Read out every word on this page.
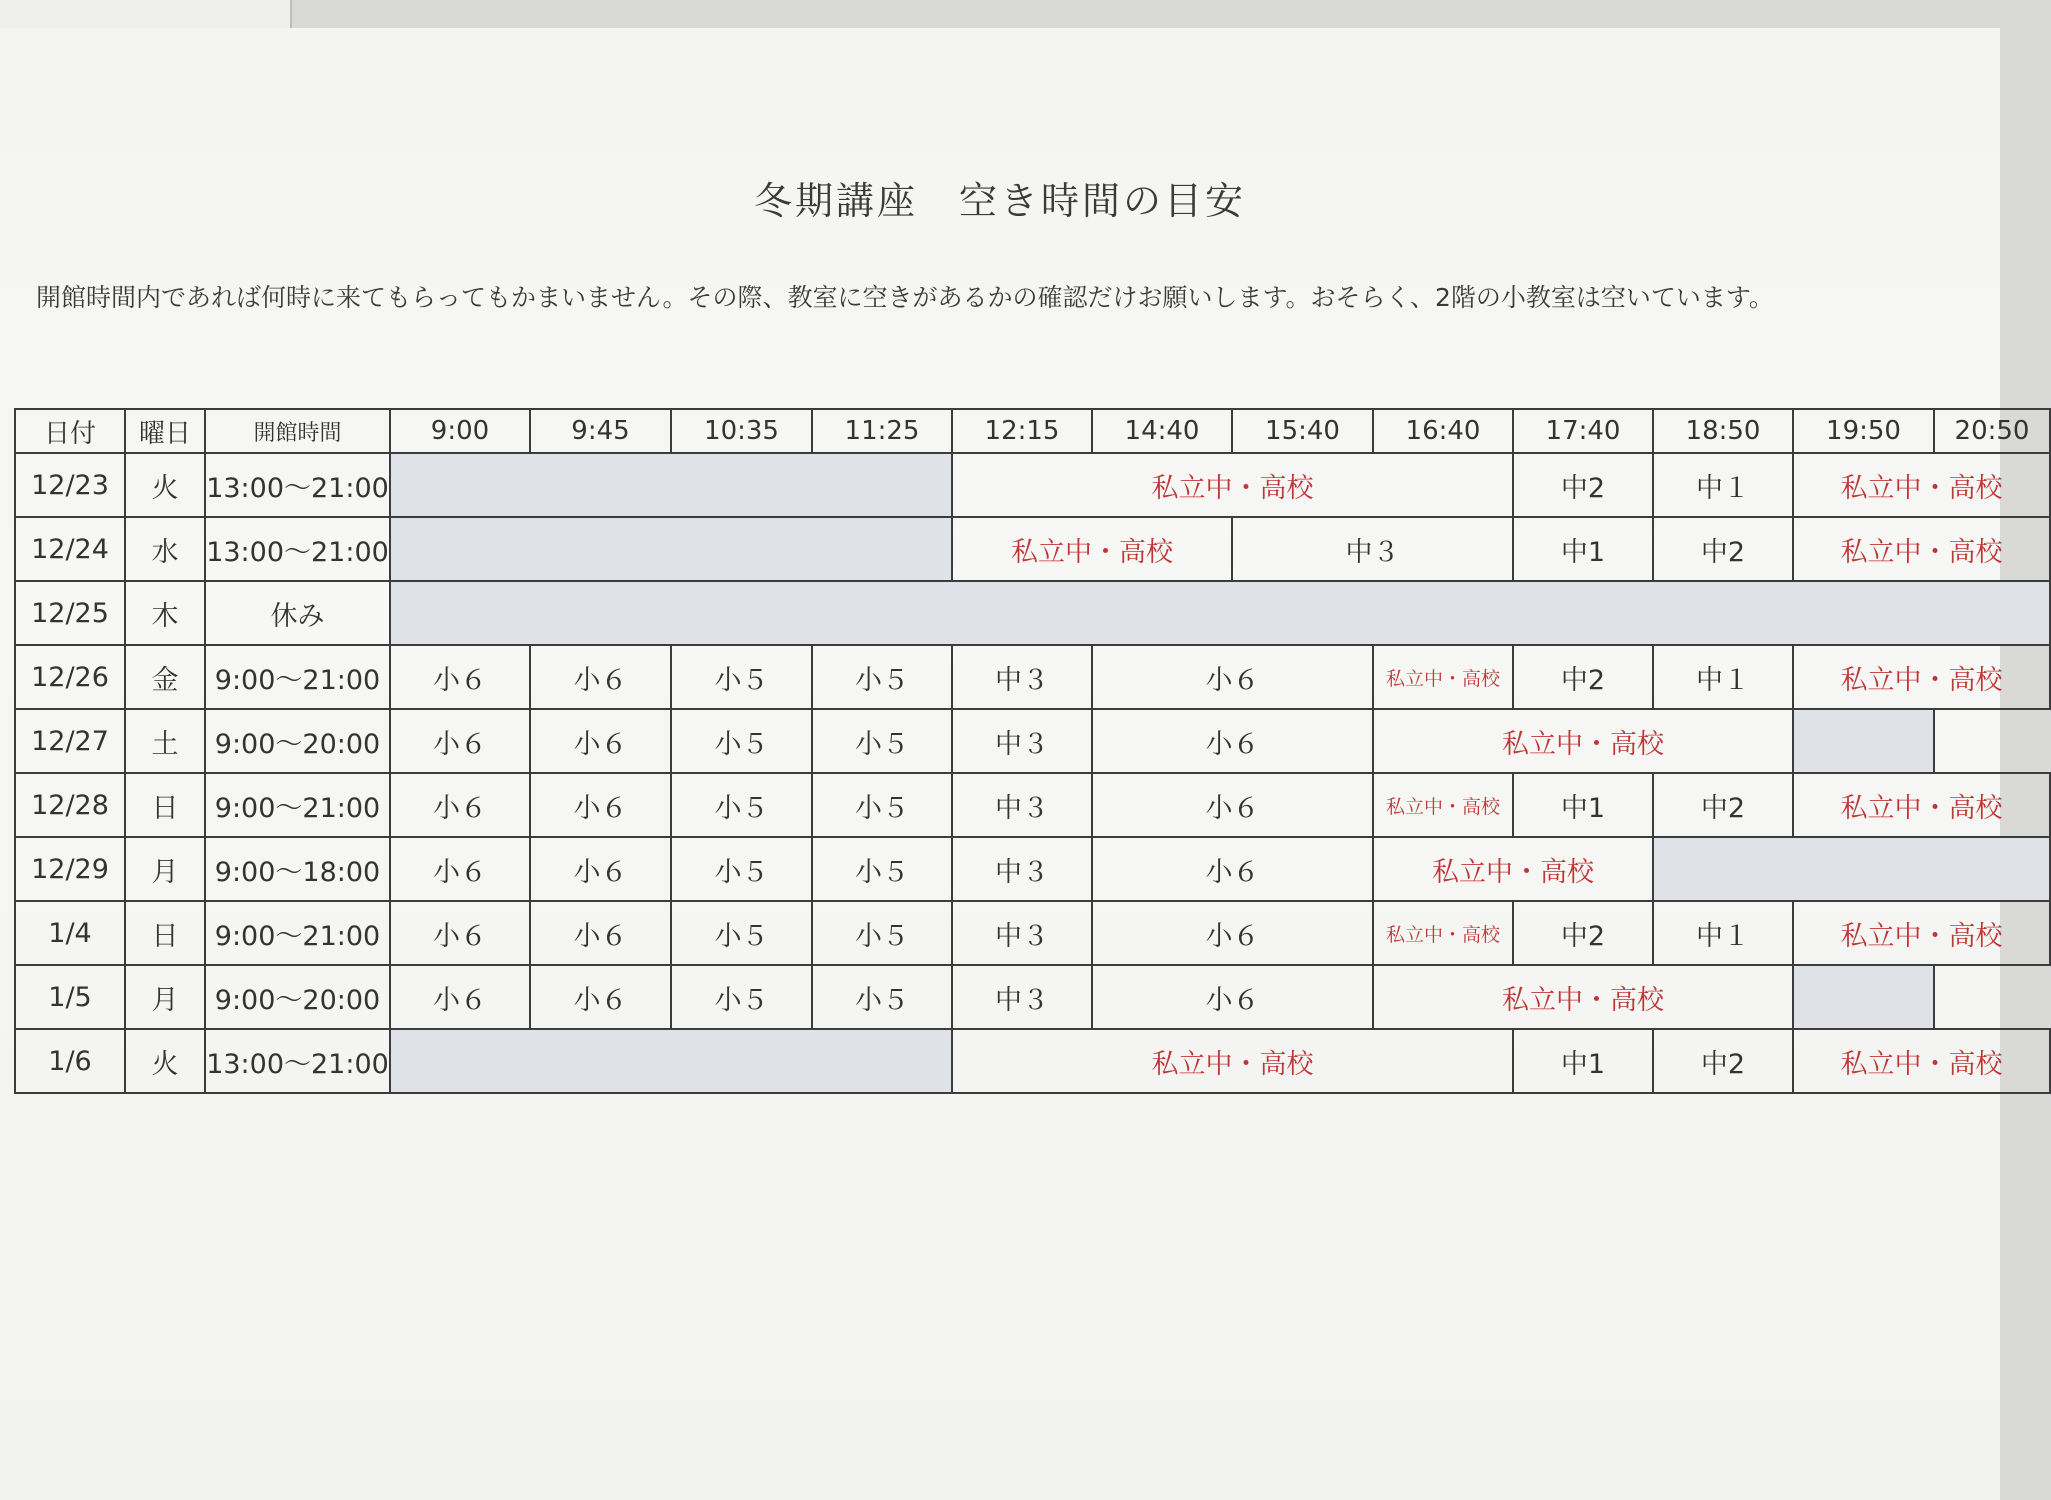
冬期講座　空き時間の目安
開館時間内であれば何時に来てもらってもかまいません。その際、教室に空きがあるかの確認だけお願いします。おそらく、2階の小教室は空いています。
日付	曜日	開館時間	9:00	9:45	10:35	11:25	12:15	14:40	15:40	16:40	17:40	18:50	19:50	20:50
12/23	火	13:00〜21:00					私立中・高校				中2	中１	私立中・高校	
12/24	水	13:00〜21:00					私立中・高校		中３		中1	中2	私立中・高校	
12/25	木	休み												
12/26	金	9:00〜21:00	小６	小６	小５	小５	中３	小６		私立中・高校	中2	中１	私立中・高校	
12/27	土	9:00〜20:00	小６	小６	小５	小５	中３	小６		私立中・高校				
12/28	日	9:00〜21:00	小６	小６	小５	小５	中３	小６		私立中・高校	中1	中2	私立中・高校	
12/29	月	9:00〜18:00	小６	小６	小５	小５	中３	小６		私立中・高校				
1/4	日	9:00〜21:00	小６	小６	小５	小５	中３	小６		私立中・高校	中2	中１	私立中・高校	
1/5	月	9:00〜20:00	小６	小６	小５	小５	中３	小６		私立中・高校				
1/6	火	13:00〜21:00					私立中・高校				中1	中2	私立中・高校	
